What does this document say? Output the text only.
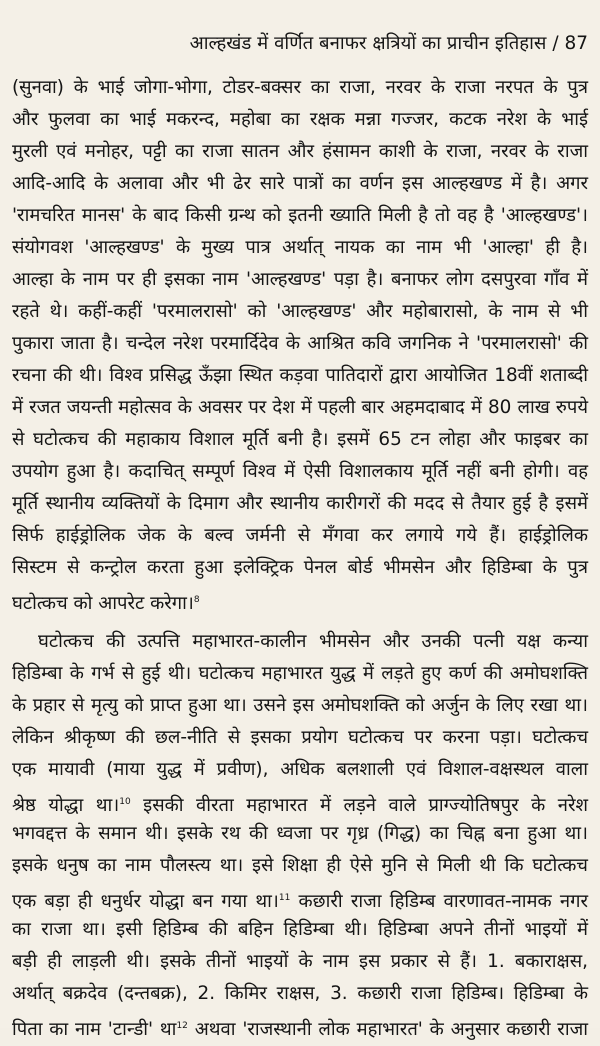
आल्हखंड में वर्णित बनाफर क्षत्रियों का प्राचीन इतिहास / 87
(सुनवा) के भाई जोगा-भोगा, टोडर-बक्सर का राजा, नरवर के राजा नरपत के पुत्र
और फुलवा का भाई मकरन्द, महोबा का रक्षक मन्ना गज्जर, कटक नरेश के भाई
मुरली एवं मनोहर, पट्टी का राजा सातन और हंसामन काशी के राजा, नरवर के राजा
आदि-आदि के अलावा और भी ढेर सारे पात्रों का वर्णन इस आल्हखण्ड में है। अगर
'रामचरित मानस' के बाद किसी ग्रन्थ को इतनी ख्याति मिली है तो वह है 'आल्हखण्ड'।
संयोगवश 'आल्हखण्ड' के मुख्य पात्र अर्थात् नायक का नाम भी 'आल्हा' ही है।
आल्हा के नाम पर ही इसका नाम 'आल्हखण्ड' पड़ा है। बनाफर लोग दसपुरवा गाँव में
रहते थे। कहीं-कहीं 'परमालरासो' को 'आल्हखण्ड' और महोबारासो, के नाम से भी
पुकारा जाता है। चन्देल नरेश परमार्दिदेव के आश्रित कवि जगनिक ने 'परमालरासो' की
रचना की थी। विश्व प्रसिद्ध ऊँझा स्थित कड़वा पातिदारों द्वारा आयोजित 18वीं शताब्दी
में रजत जयन्ती महोत्सव के अवसर पर देश में पहली बार अहमदाबाद में 80 लाख रुपये
से घटोत्कच की महाकाय विशाल मूर्ति बनी है। इसमें 65 टन लोहा और फाइबर का
उपयोग हुआ है। कदाचित् सम्पूर्ण विश्व में ऐसी विशालकाय मूर्ति नहीं बनी होगी। वह
मूर्ति स्थानीय व्यक्तियों के दिमाग और स्थानीय कारीगरों की मदद से तैयार हुई है इसमें
सिर्फ हाईड्रोलिक जेक के बल्व जर्मनी से मँगवा कर लगाये गये हैं। हाईड्रोलिक
सिस्टम से कन्ट्रोल करता हुआ इलेक्ट्रिक पेनल बोर्ड भीमसेन और हिडिम्बा के पुत्र
घटोत्कच को आपरेट करेगा।$^8$
घटोत्कच की उत्पत्ति महाभारत-कालीन भीमसेन और उनकी पत्नी यक्ष कन्या
हिडिम्बा के गर्भ से हुई थी। घटोत्कच महाभारत युद्ध में लड़ते हुए कर्ण की अमोघशक्ति
के प्रहार से मृत्यु को प्राप्त हुआ था। उसने इस अमोघशक्ति को अर्जुन के लिए रखा था।
लेकिन श्रीकृष्ण की छल-नीति से इसका प्रयोग घटोत्कच पर करना पड़ा। घटोत्कच
एक मायावी (माया युद्ध में प्रवीण), अधिक बलशाली एवं विशाल-वक्षस्थल वाला
श्रेष्ठ योद्धा था।$^{10}$ इसकी वीरता महाभारत में लड़ने वाले प्राग्ज्योतिषपुर के नरेश
भगवद्दत्त के समान थी। इसके रथ की ध्वजा पर गृध्र (गिद्ध) का चिह्न बना हुआ था।
इसके धनुष का नाम पौलस्त्य था। इसे शिक्षा ही ऐसे मुनि से मिली थी कि घटोत्कच
एक बड़ा ही धनुर्धर योद्धा बन गया था।$^{11}$ कछारी राजा हिडिम्ब वारणावत-नामक नगर
का राजा था। इसी हिडिम्ब की बहिन हिडिम्बा थी। हिडिम्बा अपने तीनों भाइयों में
बड़ी ही लाड़ली थी। इसके तीनों भाइयों के नाम इस प्रकार से हैं। 1. बकाराक्षस,
अर्थात् बक्रदेव (दन्तबक्र), 2. किमिर राक्षस, 3. कछारी राजा हिडिम्ब। हिडिम्बा के
पिता का नाम 'टान्डी' था$^{12}$ अथवा 'राजस्थानी लोक महाभारत' के अनुसार कछारी राजा
